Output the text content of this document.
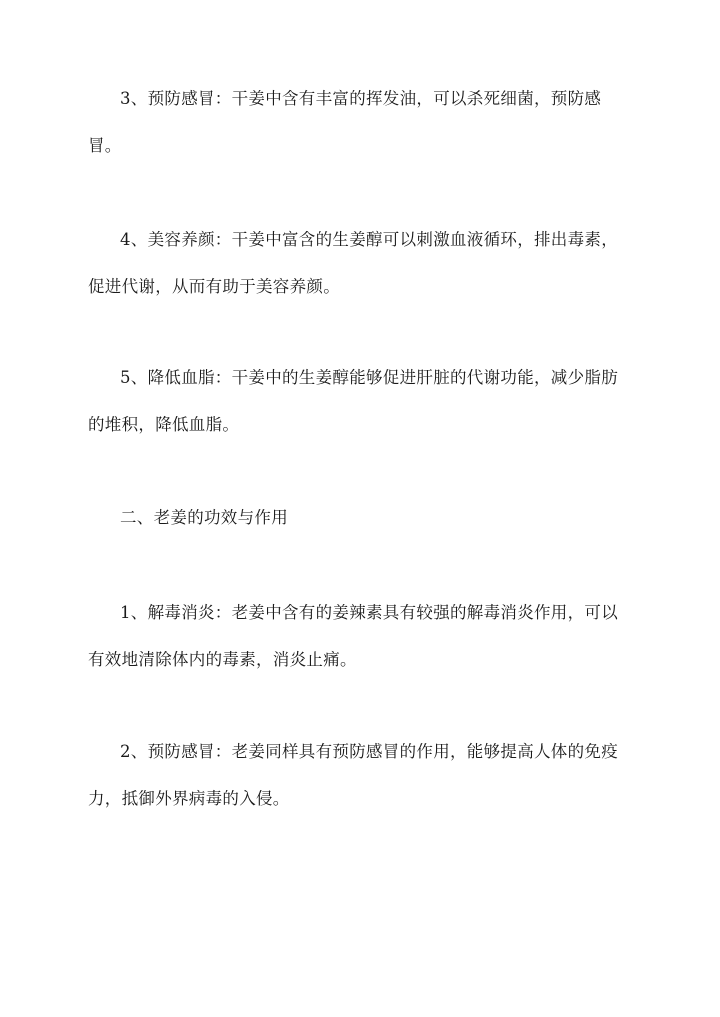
3、预防感冒：干姜中含有丰富的挥发油，可以杀死细菌，预防感冒。

4、美容养颜：干姜中富含的生姜醇可以刺激血液循环，排出毒素，促进代谢，从而有助于美容养颜。

5、降低血脂：干姜中的生姜醇能够促进肝脏的代谢功能，减少脂肪的堆积，降低血脂。

二、老姜的功效与作用

1、解毒消炎：老姜中含有的姜辣素具有较强的解毒消炎作用，可以有效地清除体内的毒素，消炎止痛。

2、预防感冒：老姜同样具有预防感冒的作用，能够提高人体的免疫力，抵御外界病毒的入侵。
